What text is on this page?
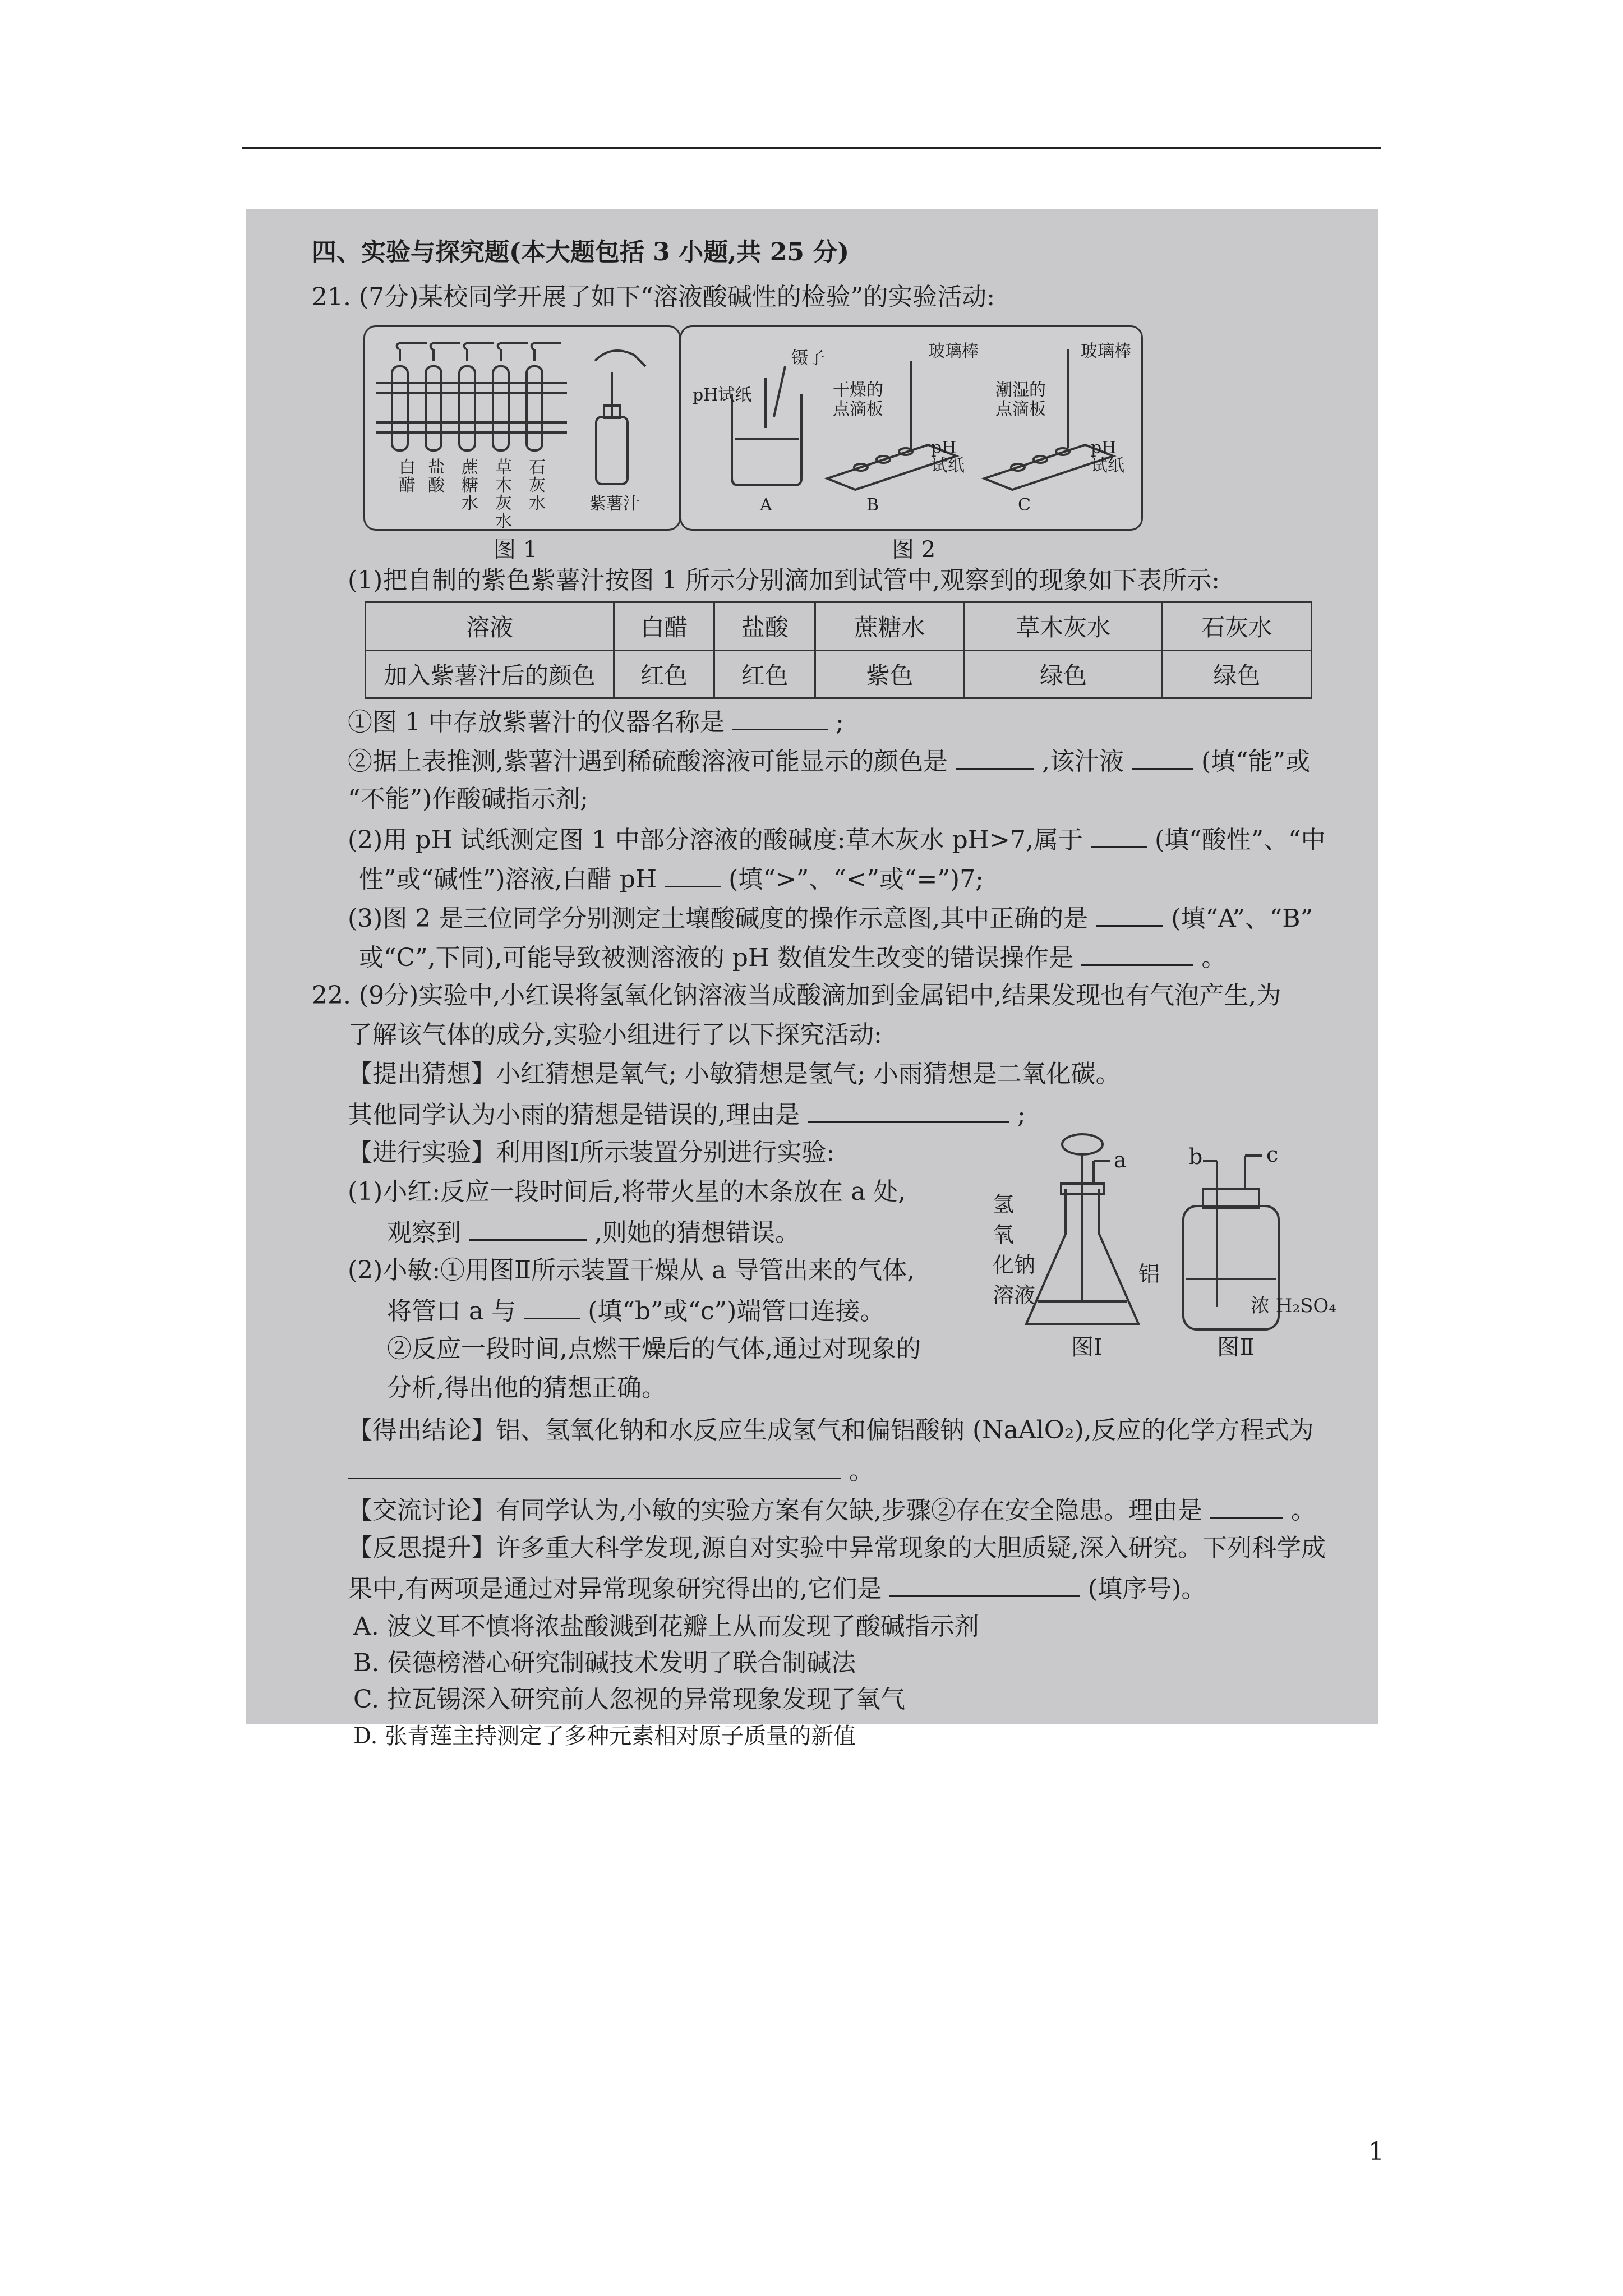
四、实验与探究题(本大题包括 3 小题,共 25 分)
21. (7分)某校同学开展了如下“溶液酸碱性的检验”的实验活动:
白醋
盐酸
蔗糖水
草木灰水
石灰水	紫薯汁
图 1
镊子	玻璃棒	玻璃棒
pH试纸	干燥的点滴板
潮湿的点滴板
pH试纸
pH试纸
A	B	C
图 2
(1)把自制的紫色紫薯汁按图 1 所示分别滴加到试管中,观察到的现象如下表所示:
溶液	白醋	盐酸	蔗糖水	草木灰水	石灰水
加入紫薯汁后的颜色	红色	红色	紫色	绿色	绿色
①图 1 中存放紫薯汁的仪器名称是	;
②据上表推测,紫薯汁遇到稀硫酸溶液可能显示的颜色是	,该汁液	(填“能”或
“不能”)作酸碱指示剂;
(2)用 pH 试纸测定图 1 中部分溶液的酸碱度:草木灰水 pH>7,属于	(填“酸性”、“中
性”或“碱性”)溶液,白醋 pH	(填“>”、“<”或“=”)7;
(3)图 2 是三位同学分别测定土壤酸碱度的操作示意图,其中正确的是	(填“A”、“B”
或“C”,下同),可能导致被测溶液的 pH 数值发生改变的错误操作是	。
22. (9分)实验中,小红误将氢氧化钠溶液当成酸滴加到金属铝中,结果发现也有气泡产生,为
了解该气体的成分,实验小组进行了以下探究活动:
【提出猜想】小红猜想是氧气; 小敏猜想是氢气; 小雨猜想是二氧化碳。
其他同学认为小雨的猜想是错误的,理由是	;
【进行实验】利用图Ⅰ所示装置分别进行实验:
(1)小红:反应一段时间后,将带火星的木条放在 a 处,
观察到	,则她的猜想错误。
(2)小敏:①用图Ⅱ所示装置干燥从 a 导管出来的气体,
将管口 a 与	(填“b”或“c”)端管口连接。
②反应一段时间,点燃干燥后的气体,通过对现象的
分析,得出他的猜想正确。
氢
氧
化钠
溶液
铝
a	b	c
浓 H₂SO₄
图Ⅰ	图Ⅱ
【得出结论】铝、氢氧化钠和水反应生成氢气和偏铝酸钠 (NaAlO₂),反应的化学方程式为
。
【交流讨论】有同学认为,小敏的实验方案有欠缺,步骤②存在安全隐患。理由是	。
【反思提升】许多重大科学发现,源自对实验中异常现象的大胆质疑,深入研究。下列科学成
果中,有两项是通过对异常现象研究得出的,它们是	(填序号)。
A. 波义耳不慎将浓盐酸溅到花瓣上从而发现了酸碱指示剂
B. 侯德榜潜心研究制碱技术发明了联合制碱法
C. 拉瓦锡深入研究前人忽视的异常现象发现了氧气
D. 张青莲主持测定了多种元素相对原子质量的新值
1
